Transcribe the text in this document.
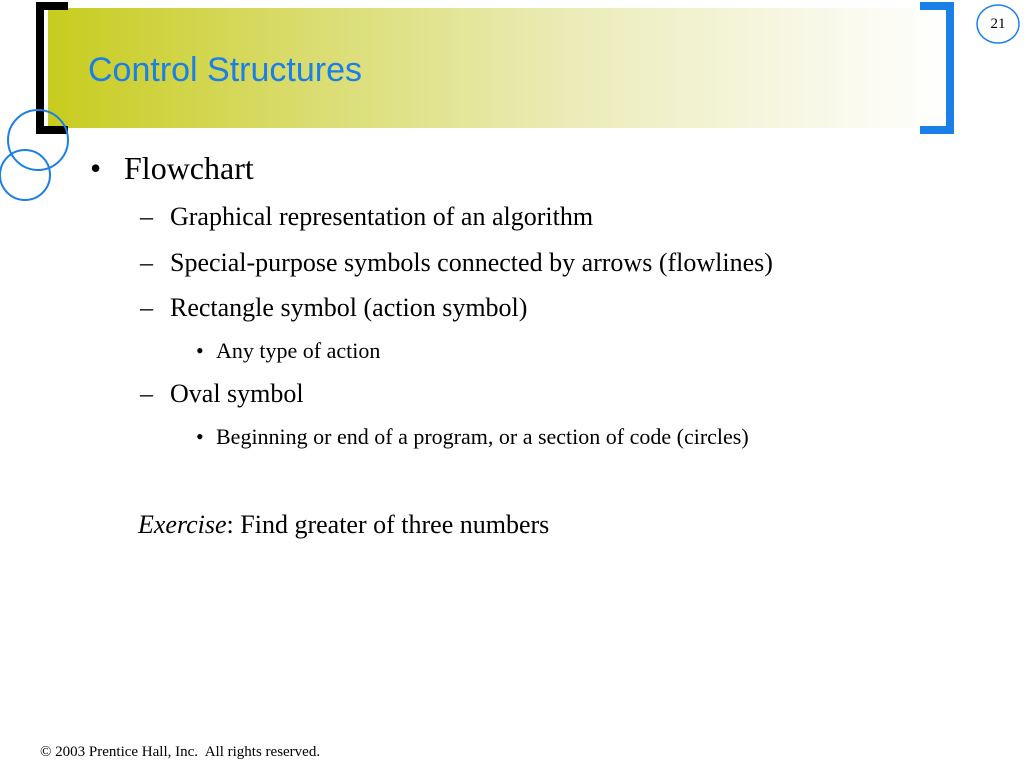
Control Structures
21
• Flowchart
– Graphical representation of an algorithm
– Special-purpose symbols connected by arrows (flowlines)
– Rectangle symbol (action symbol)
• Any type of action
– Oval symbol
• Beginning or end of a program, or a section of code (circles)
Exercise: Find greater of three numbers
© 2003 Prentice Hall, Inc.  All rights reserved.
